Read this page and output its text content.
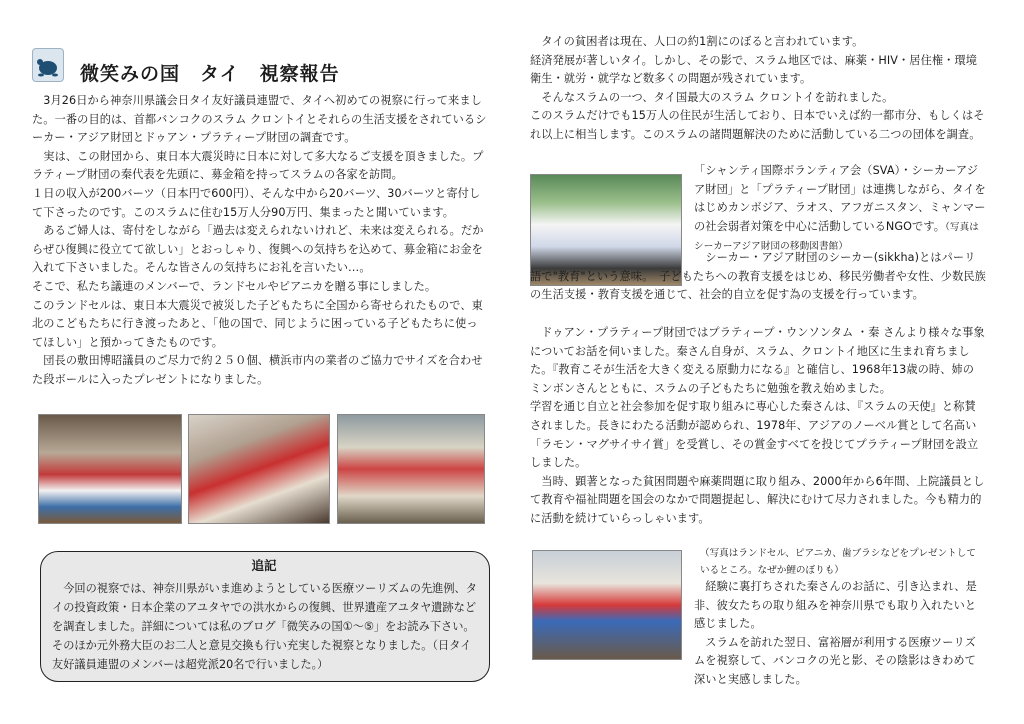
微笑みの国　タイ　視察報告

　3月26日から神奈川県議会日タイ友好議員連盟で、タイへ初めての視察に行って来ました。一番の目的は、首都バンコクのスラム クロントイとそれらの生活支援をされているシーカー・アジア財団とドゥアン・プラティープ財団の調査です。

　実は、この財団から、東日本大震災時に日本に対して多大なるご支援を頂きました。プラティープ財団の秦代表を先頭に、募金箱を持ってスラムの各家を訪問。

１日の収入が200バーツ（日本円で600円）、そんな中から20バーツ、30バーツと寄付して下さったのです。このスラムに住む15万人分90万円、集まったと聞いています。

　あるご婦人は、寄付をしながら「過去は変えられないけれど、未来は変えられる。だからぜひ復興に役立てて欲しい」とおっしゃり、復興への気持ちを込めて、募金箱にお金を入れて下さいました。そんな皆さんの気持ちにお礼を言いたい…。

そこで、私たち議連のメンバーで、ランドセルやピアニカを贈る事にしました。

このランドセルは、東日本大震災で被災した子どもたちに全国から寄せられたもので、東北のこどもたちに行き渡ったあと、「他の国で、同じように困っている子どもたちに使ってほしい」と預かってきたものです。

　団長の敷田博昭議員のご尽力で約２５０個、横浜市内の業者のご協力でサイズを合わせた段ボールに入ったプレゼントになりました。

追記
　今回の視察では、神奈川県がいま進めようとしている医療ツーリズムの先進例、タイの投資政策・日本企業のアユタヤでの洪水からの復興、世界遺産アユタヤ遺跡などを調査しました。詳細については私のブログ「微笑みの国①〜⑤」をお読み下さい。そのほか元外務大臣のお二人と意見交換も行い充実した視察となりました。（日タイ友好議員連盟のメンバーは超党派20名で行いました。）

　タイの貧困者は現在、人口の約1割にのぼると言われています。

経済発展が著しいタイ。しかし、その影で、スラム地区では、麻薬・HIV・居住権・環境衛生・就労・就学など数多くの問題が残されています。

　そんなスラムの一つ、タイ国最大のスラム クロントイを訪れました。

このスラムだけでも15万人の住民が生活しており、日本でいえば約一都市分、もしくはそれ以上に相当します。このスラムの諸問題解決のために活動している二つの団体を調査。

「シャンティ国際ボランティア会（SVA）・シーカーアジア財団」と「プラティープ財団」は連携しながら、タイをはじめカンボジア、ラオス、アフガニスタン、ミャンマーの社会弱者対策を中心に活動しているNGOです。（写真はシーカーアジア財団の移動図書館）

　シーカー・アジア財団のシーカー(sikkha)とはパーリ語で"教育"という意味。　子どもたちへの教育支援をはじめ、移民労働者や女性、少数民族の生活支援・教育支援を通じて、社会的自立を促す為の支援を行っています。

　ドゥアン・プラティープ財団ではプラティープ・ウンソンタム ・秦 さんより様々な事象についてお話を伺いました。秦さん自身が、スラム、クロントイ地区に生まれ育ちました。『教育こそが生活を大きく変える原動力になる』と確信し、1968年13歳の時、姉のミンボンさんとともに、スラムの子どもたちに勉強を教え始めました。

学習を通じ自立と社会参加を促す取り組みに専心した秦さんは、『スラムの天使』と称賛されました。長きにわたる活動が認められ、1978年、アジアのノーベル賞として名高い「ラモン・マグサイサイ賞」を受賞し、その賞金すべてを投じてプラティープ財団を設立しました。

　当時、顕著となった貧困問題や麻薬問題に取り組み、2000年から6年間、上院議員として教育や福祉問題を国会のなかで問題提起し、解決にむけて尽力されました。今も精力的に活動を続けていらっしゃいます。

（写真はランドセル、ピアニカ、歯ブラシなどをプレゼントしているところ。なぜか鯉のぼりも）

　経験に裏打ちされた秦さんのお話に、引き込まれ、是非、彼女たちの取り組みを神奈川県でも取り入れたいと感じました。

　スラムを訪れた翌日、富裕層が利用する医療ツーリズムを視察して、バンコクの光と影、その陰影はきわめて深いと実感しました。
